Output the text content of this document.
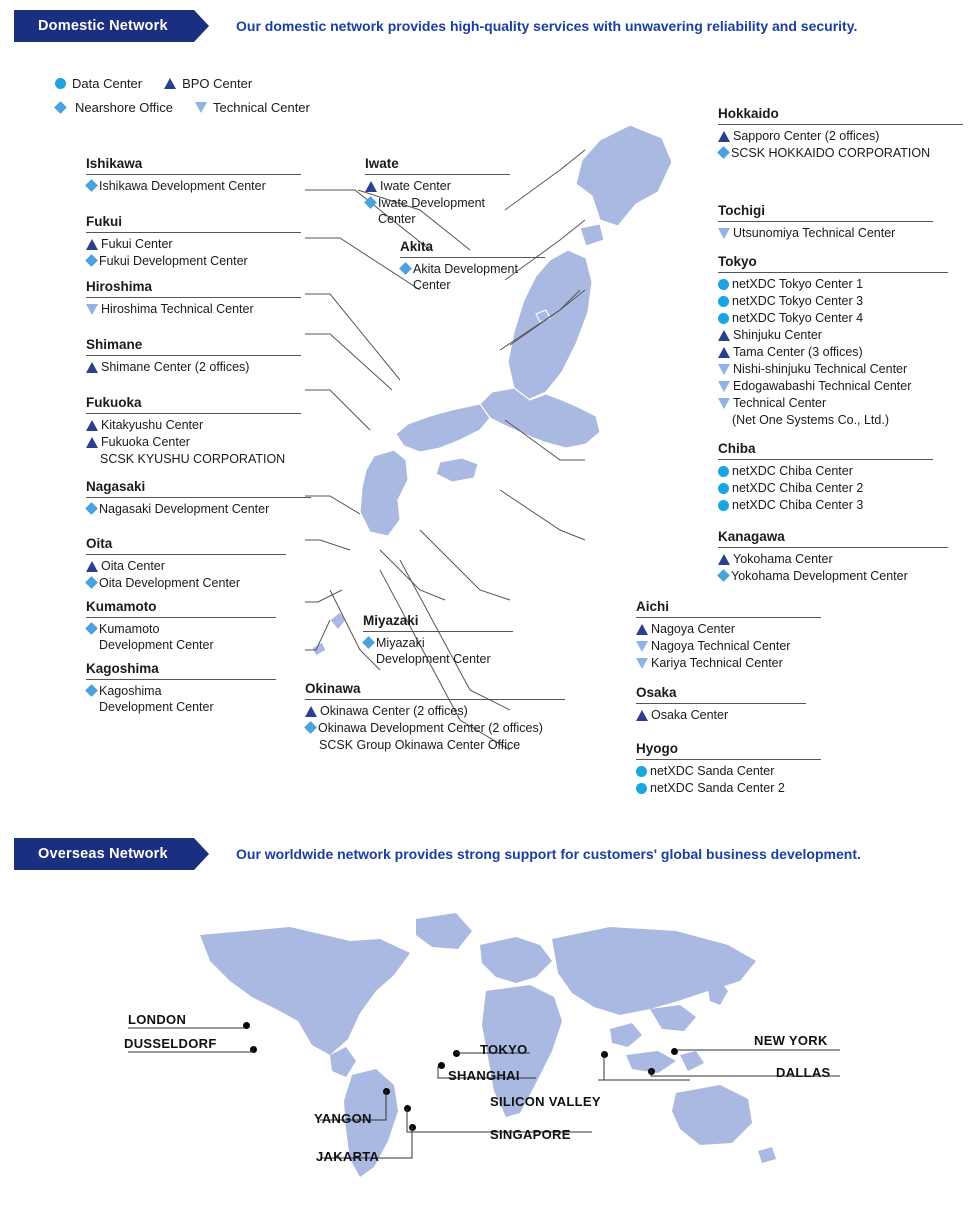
Domestic Network	Our domestic network provides high-quality services with unwavering reliability and security.
Data Center	BPO Center
Nearshore Office	Technical Center
Ishikawa
Ishikawa Development Center
Fukui
Fukui Center
Fukui Development Center
Hiroshima
Hiroshima Technical Center
Shimane
Shimane Center (2 offices)
Fukuoka
Kitakyushu Center
Fukuoka Center
SCSK KYUSHU CORPORATION
Nagasaki
Nagasaki Development Center
Oita
Oita Center
Oita Development Center
Kumamoto
Kumamoto
Development Center
Kagoshima
Kagoshima
Development Center
Iwate
Iwate Center
Iwate Development
Center
Akita
Akita Development
Center
Miyazaki
Miyazaki
Development Center
Okinawa
Okinawa Center (2 offices)
Okinawa Development Center (2 offices)
SCSK Group Okinawa Center Office
Hokkaido
Sapporo Center (2 offices)
SCSK HOKKAIDO CORPORATION
Tochigi
Utsunomiya Technical Center
Tokyo
netXDC Tokyo Center 1
netXDC Tokyo Center 3
netXDC Tokyo Center 4
Shinjuku Center
Tama Center (3 offices)
Nishi-shinjuku Technical Center
Edogawabashi Technical Center
Technical Center
(Net One Systems Co., Ltd.)
Chiba
netXDC Chiba Center
netXDC Chiba Center 2
netXDC Chiba Center 3
Kanagawa
Yokohama Center
Yokohama Development Center
Aichi
Nagoya Center
Nagoya Technical Center
Kariya Technical Center
Osaka
Osaka Center
Hyogo
netXDC Sanda Center
netXDC Sanda Center 2
Overseas Network	Our worldwide network provides strong support for customers' global business development.
LONDON
DUSSELDORF	TOKYO
SHANGHAI
NEW YORK
DALLAS
SILICON VALLEY
YANGON
SINGAPORE
JAKARTA
